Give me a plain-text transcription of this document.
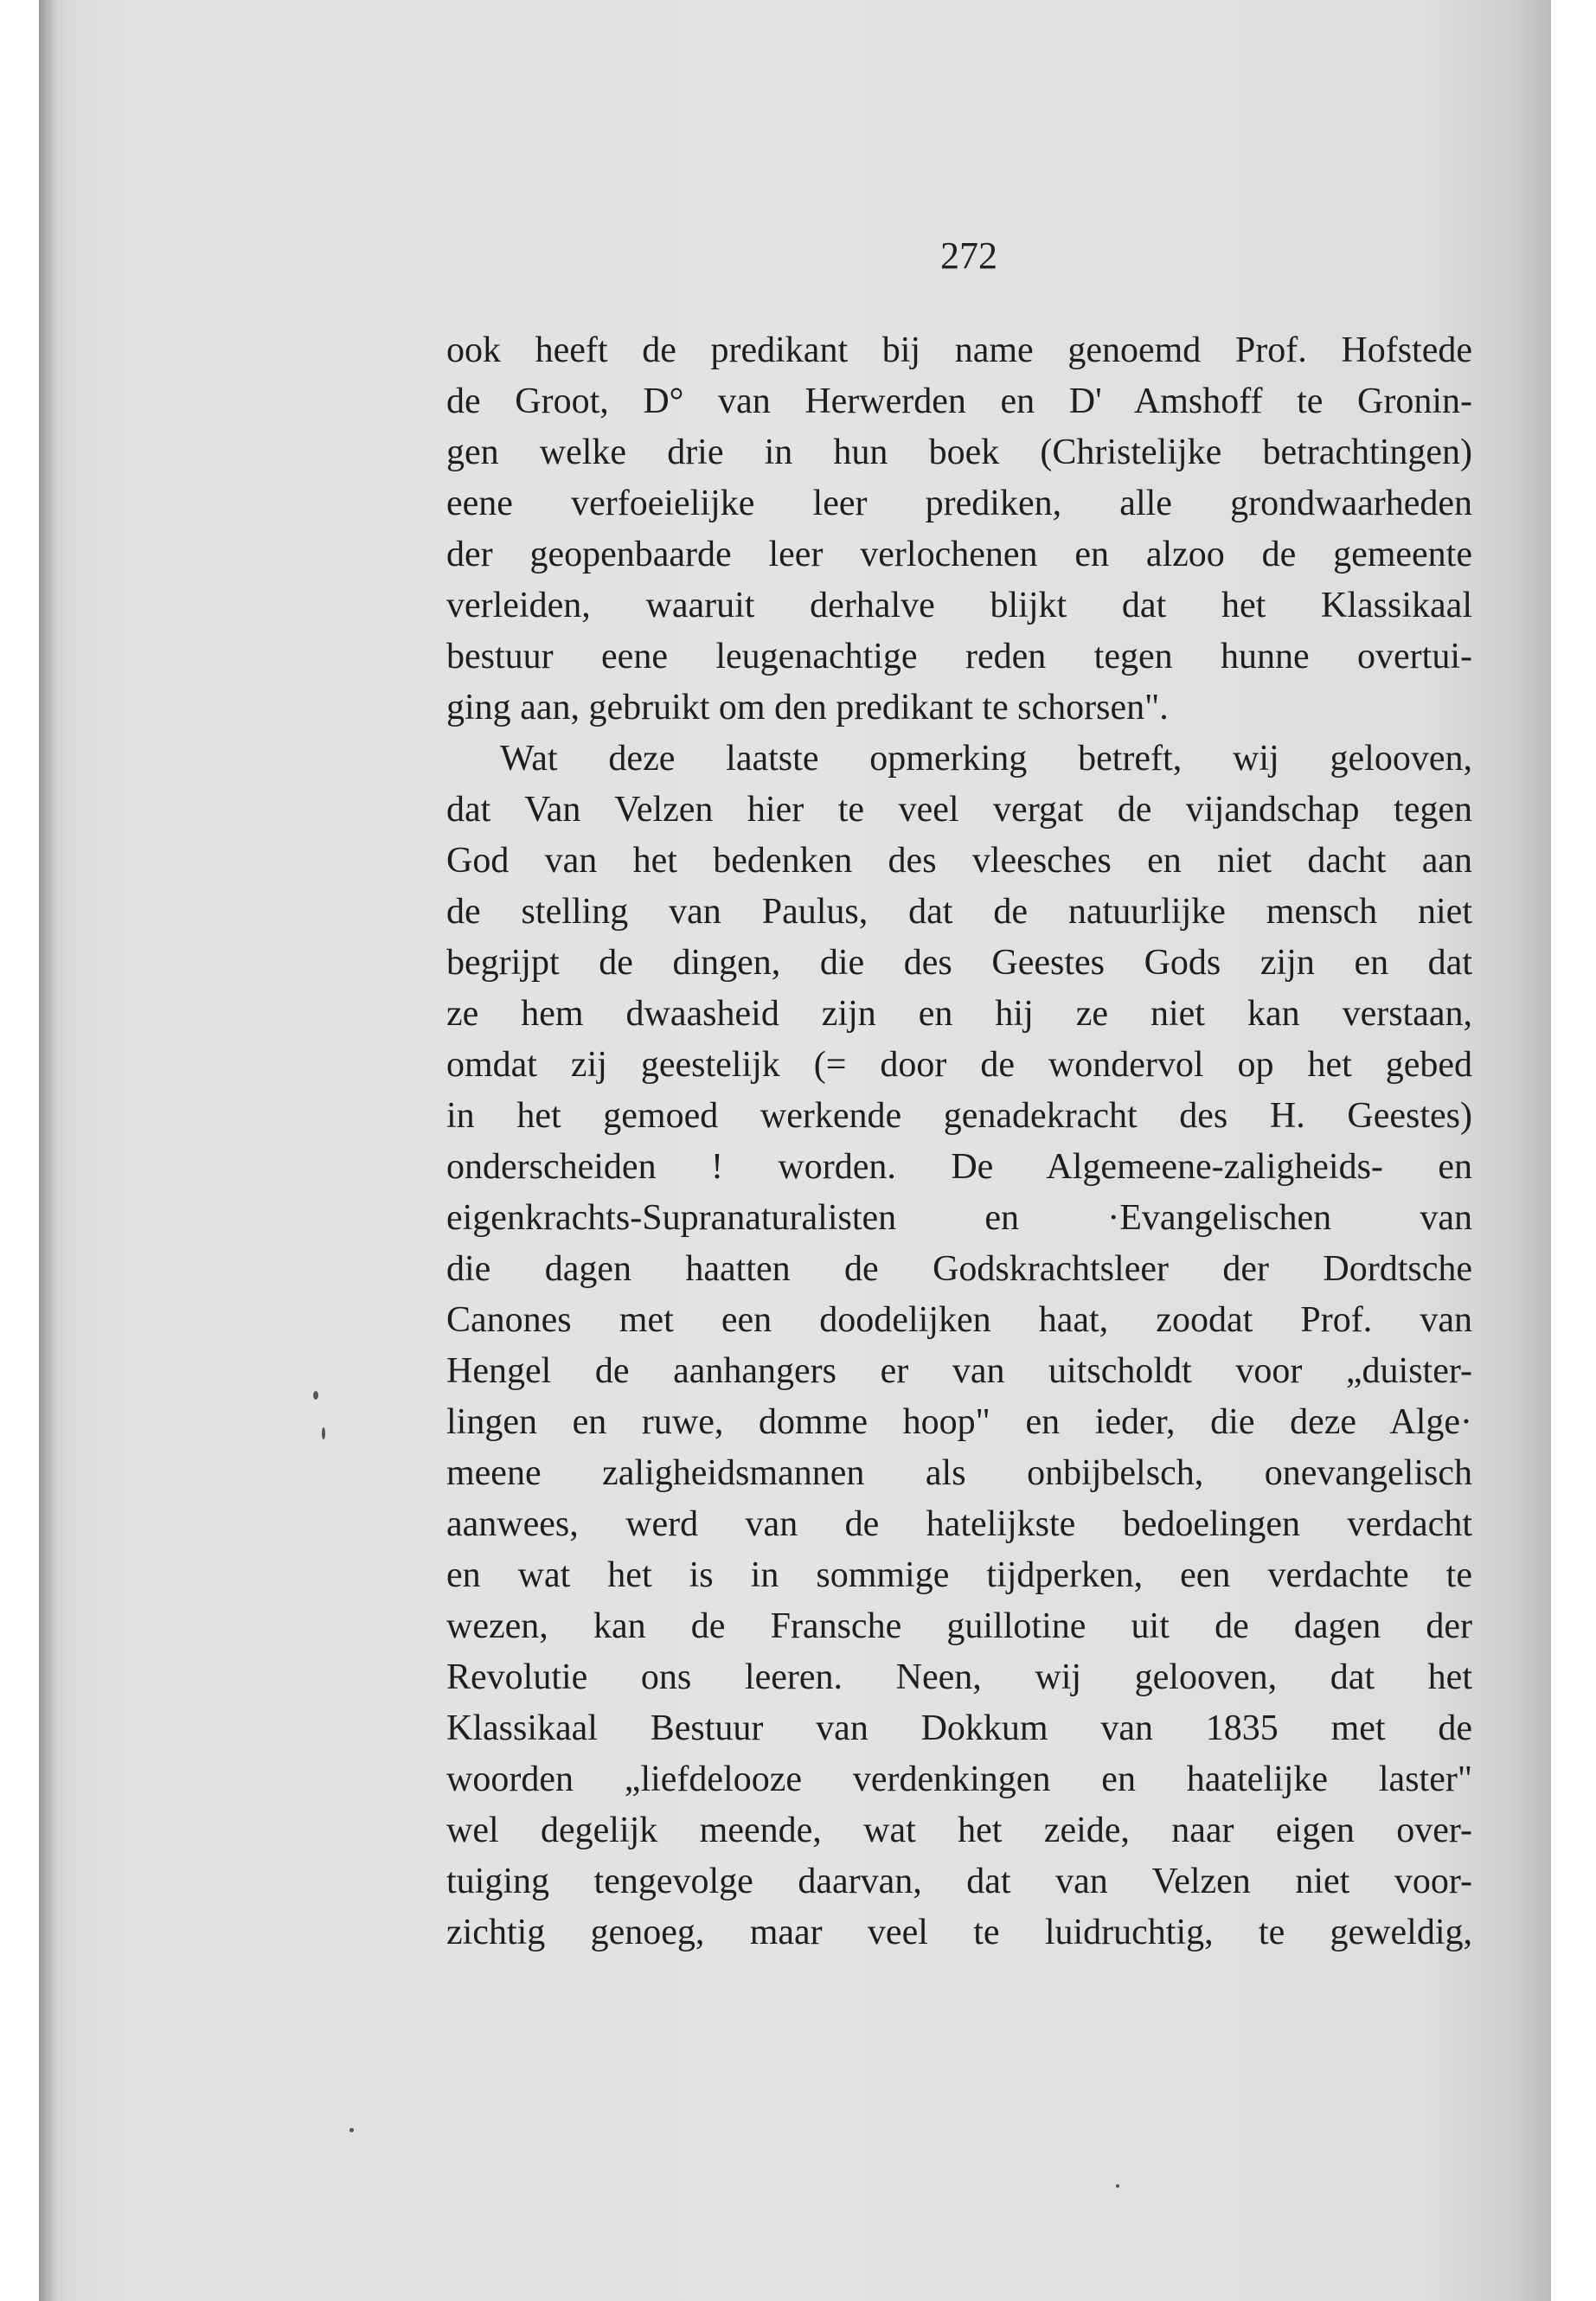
272
ook heeft de predikant bij name genoemd Prof. Hofstede
de Groot, D° van Herwerden en D' Amshoff te Gronin-
gen welke drie in hun boek (Christelijke betrachtingen)
eene verfoeielijke leer prediken, alle grondwaarheden
der geopenbaarde leer verlochenen en alzoo de gemeente
verleiden, waaruit derhalve blijkt dat het Klassikaal
bestuur eene leugenachtige reden tegen hunne overtui-
ging aan, gebruikt om den predikant te schorsen".
Wat deze laatste opmerking betreft, wij gelooven,
dat Van Velzen hier te veel vergat de vijandschap tegen
God van het bedenken des vleesches en niet dacht aan
de stelling van Paulus, dat de natuurlijke mensch niet
begrijpt de dingen, die des Geestes Gods zijn en dat
ze hem dwaasheid zijn en hij ze niet kan verstaan,
omdat zij geestelijk (= door de wondervol op het gebed
in het gemoed werkende genadekracht des H. Geestes)
onderscheiden ! worden. De Algemeene-zaligheids- en
eigenkrachts-Supranaturalisten en ·Evangelischen van
die dagen haatten de Godskrachtsleer der Dordtsche
Canones met een doodelijken haat, zoodat Prof. van
Hengel de aanhangers er van uitscholdt voor „duister-
lingen en ruwe, domme hoop" en ieder, die deze Alge·
meene zaligheidsmannen als onbijbelsch, onevangelisch
aanwees, werd van de hatelijkste bedoelingen verdacht
en wat het is in sommige tijdperken, een verdachte te
wezen, kan de Fransche guillotine uit de dagen der
Revolutie ons leeren. Neen, wij gelooven, dat het
Klassikaal Bestuur van Dokkum van 1835 met de
woorden „liefdelooze verdenkingen en haatelijke laster"
wel degelijk meende, wat het zeide, naar eigen over-
tuiging tengevolge daarvan, dat van Velzen niet voor-
zichtig genoeg, maar veel te luidruchtig, te geweldig,
